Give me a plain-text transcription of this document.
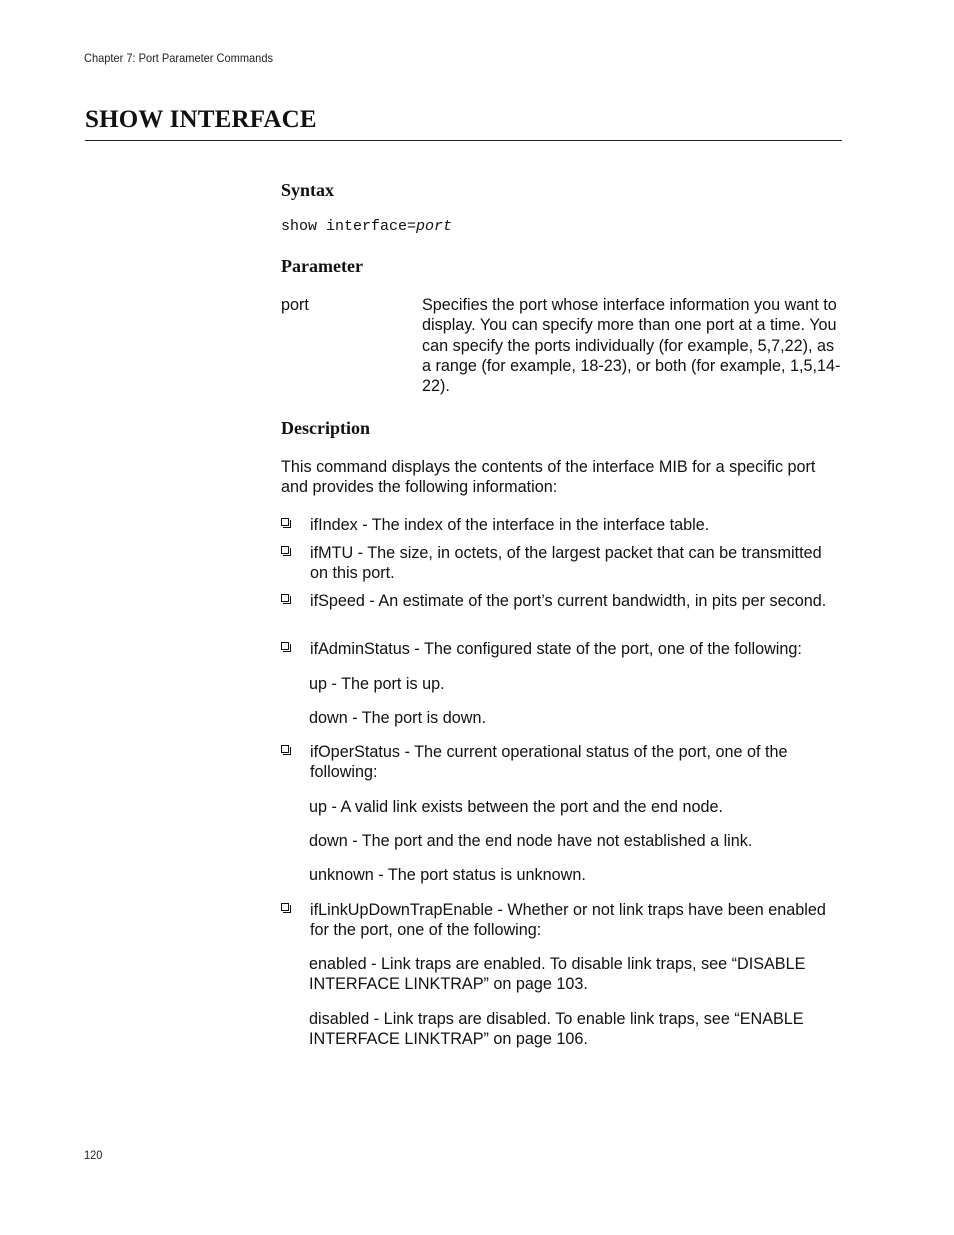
Chapter 7: Port Parameter Commands
SHOW INTERFACE
Syntax
show interface=port
Parameter
port	Specifies the port whose interface information you want to display. You can specify more than one port at a time. You can specify the ports individually (for example, 5,7,22), as a range (for example, 18-23), or both (for example, 1,5,14-22).
Description
This command displays the contents of the interface MIB for a specific port and provides the following information:
ifIndex - The index of the interface in the interface table.
ifMTU - The size, in octets, of the largest packet that can be transmitted on this port.
ifSpeed - An estimate of the port’s current bandwidth, in pits per second.
ifAdminStatus - The configured state of the port, one of the following:
up - The port is up.
down - The port is down.
ifOperStatus - The current operational status of the port, one of the following:
up - A valid link exists between the port and the end node.
down - The port and the end node have not established a link.
unknown - The port status is unknown.
ifLinkUpDownTrapEnable - Whether or not link traps have been enabled for the port, one of the following:
enabled - Link traps are enabled. To disable link traps, see “DISABLE INTERFACE LINKTRAP” on page 103.
disabled - Link traps are disabled. To enable link traps, see “ENABLE INTERFACE LINKTRAP” on page 106.
120
